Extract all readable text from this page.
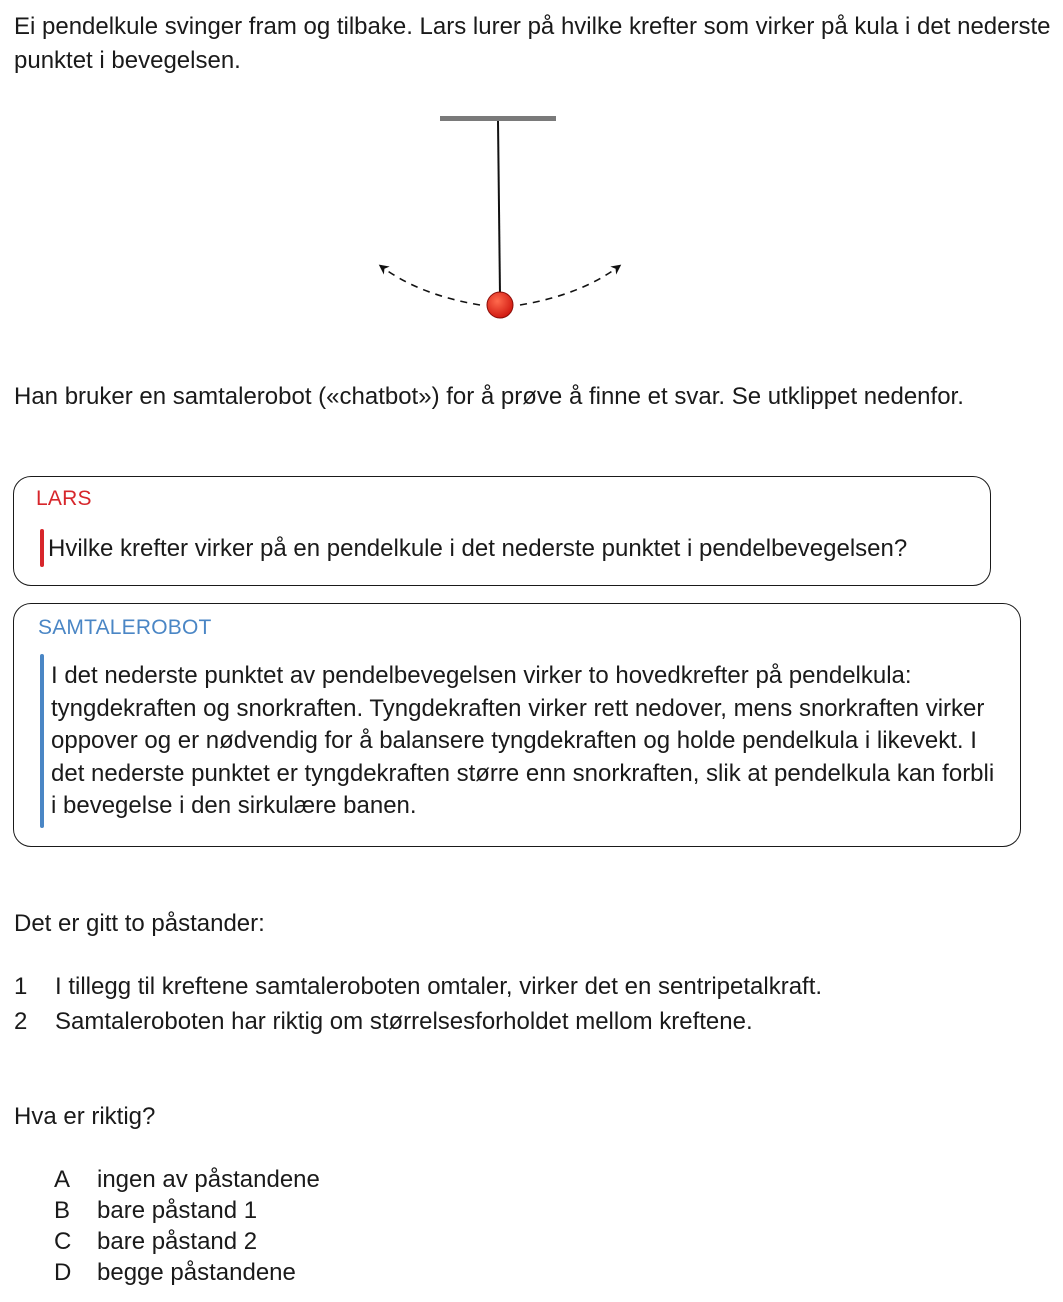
Ei pendelkule svinger fram og tilbake. Lars lurer på hvilke krefter som virker på kula i det nederste punktet i bevegelsen.

Han bruker en samtalerobot («chatbot») for å prøve å finne et svar. Se utklippet nedenfor.

LARS

Hvilke krefter virker på en pendelkule i det nederste punktet i pendelbevegelsen?

SAMTALEROBOT

I det nederste punktet av pendelbevegelsen virker to hovedkrefter på pendelkula: tyngdekraften og snorkraften. Tyngdekraften virker rett nedover, mens snorkraften virker oppover og er nødvendig for å balansere tyngdekraften og holde pendelkula i likevekt. I det nederste punktet er tyngdekraften større enn snorkraften, slik at pendelkula kan forbli i bevegelse i den sirkulære banen.

Det er gitt to påstander:

1	I tillegg til kreftene samtaleroboten omtaler, virker det en sentripetalkraft.
2	Samtaleroboten har riktig om størrelsesforholdet mellom kreftene.

Hva er riktig?

A	ingen av påstandene
B	bare påstand 1
C	bare påstand 2
D	begge påstandene
